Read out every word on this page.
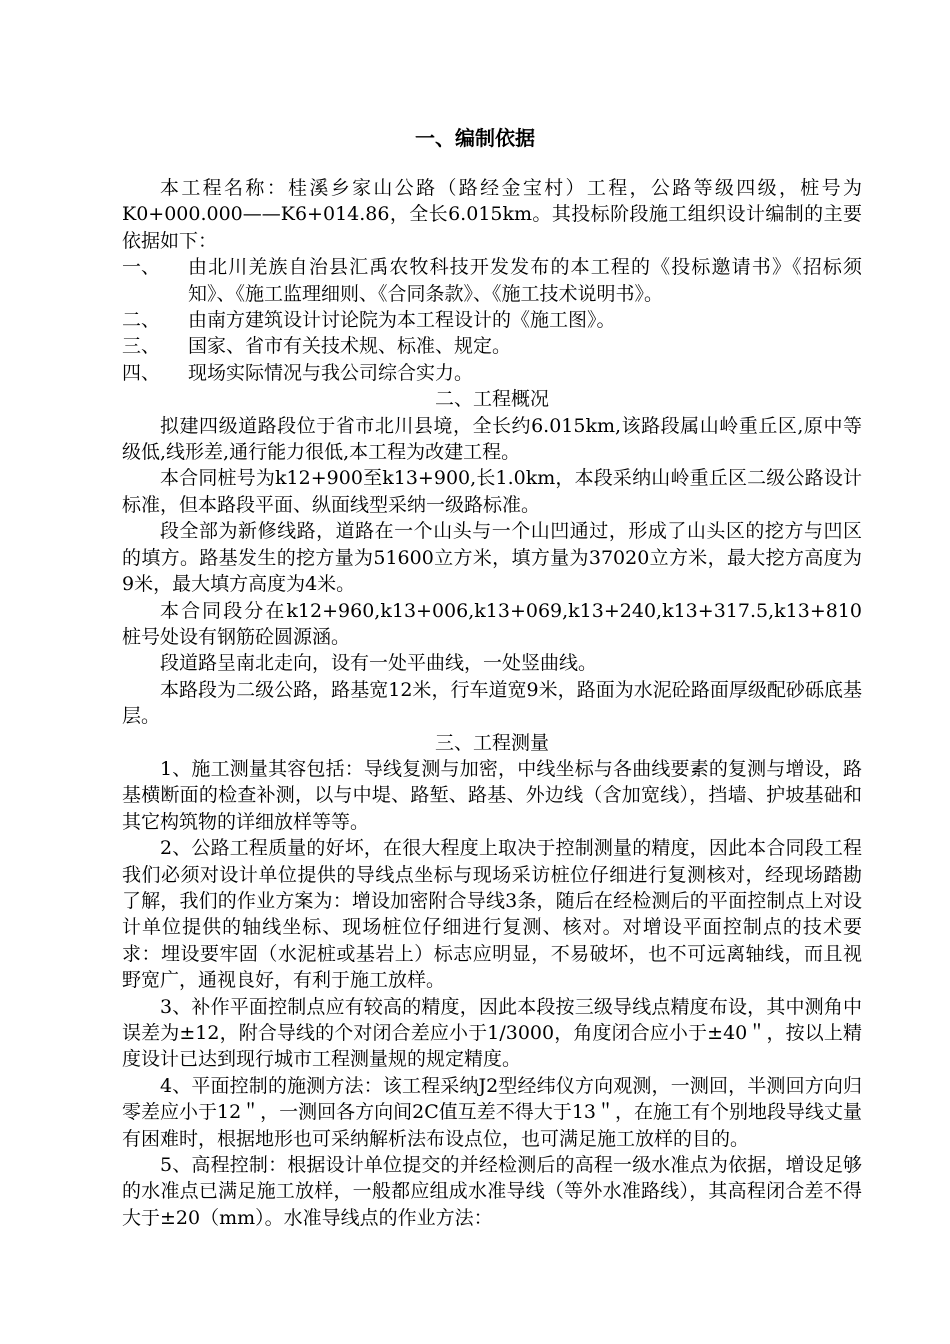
一、编制依据

本工程名称：桂溪乡家山公路（路经金宝村）工程，公路等级四级，桩号为K0+000.000——K6+014.86，全长6.015km。其投标阶段施工组织设计编制的主要依据如下：

一、	由北川羌族自治县汇禹农牧科技开发发布的本工程的《投标邀请书》《招标须知》、《施工监理细则、《合同条款》、《施工技术说明书》。
二、	由南方建筑设计讨论院为本工程设计的《施工图》。
三、	国家、省市有关技术规、标准、规定。
四、	现场实际情况与我公司综合实力。

二、工程概况

拟建四级道路段位于省市北川县境，全长约6.015km,该路段属山岭重丘区,原中等级低,线形差,通行能力很低,本工程为改建工程。

本合同桩号为k12+900至k13+900,长1.0km，本段采纳山岭重丘区二级公路设计标准，但本路段平面、纵面线型采纳一级路标准。

段全部为新修线路，道路在一个山头与一个山凹通过，形成了山头区的挖方与凹区的填方。路基发生的挖方量为51600立方米，填方量为37020立方米，最大挖方高度为9米，最大填方高度为4米。

本合同段分在k12+960,k13+006,k13+069,k13+240,k13+317.5,k13+810桩号处设有钢筋砼圆源涵。

段道路呈南北走向，设有一处平曲线，一处竖曲线。

本路段为二级公路，路基宽12米，行车道宽9米，路面为水泥砼路面厚级配砂砾底基层。

三、工程测量

1、施工测量其容包括：导线复测与加密，中线坐标与各曲线要素的复测与增设，路基横断面的检查补测，以与中堤、路堑、路基、外边线（含加宽线），挡墙、护坡基础和其它构筑物的详细放样等等。

2、公路工程质量的好坏，在很大程度上取决于控制测量的精度，因此本合同段工程我们必须对设计单位提供的导线点坐标与现场采访桩位仔细进行复测核对，经现场踏勘了解，我们的作业方案为：增设加密附合导线3条，随后在经检测后的平面控制点上对设计单位提供的轴线坐标、现场桩位仔细进行复测、核对。对增设平面控制点的技术要求：埋设要牢固（水泥桩或基岩上）标志应明显，不易破坏，也不可远离轴线，而且视野宽广，通视良好，有利于施工放样。

3、补作平面控制点应有较高的精度，因此本段按三级导线点精度布设，其中测角中误差为±12，附合导线的个对闭合差应小于1/3000，角度闭合应小于±40＂，按以上精度设计已达到现行城市工程测量规的规定精度。

4、平面控制的施测方法：该工程采纳J2型经纬仪方向观测，一测回，半测回方向归零差应小于12＂，一测回各方向间2C值互差不得大于13＂，在施工有个别地段导线丈量有困难时，根据地形也可采纳解析法布设点位，也可满足施工放样的目的。

5、高程控制：根据设计单位提交的并经检测后的高程一级水准点为依据，增设足够的水准点已满足施工放样，一般都应组成水准导线（等外水准路线），其高程闭合差不得大于±20（mm）。水准导线点的作业方法：
